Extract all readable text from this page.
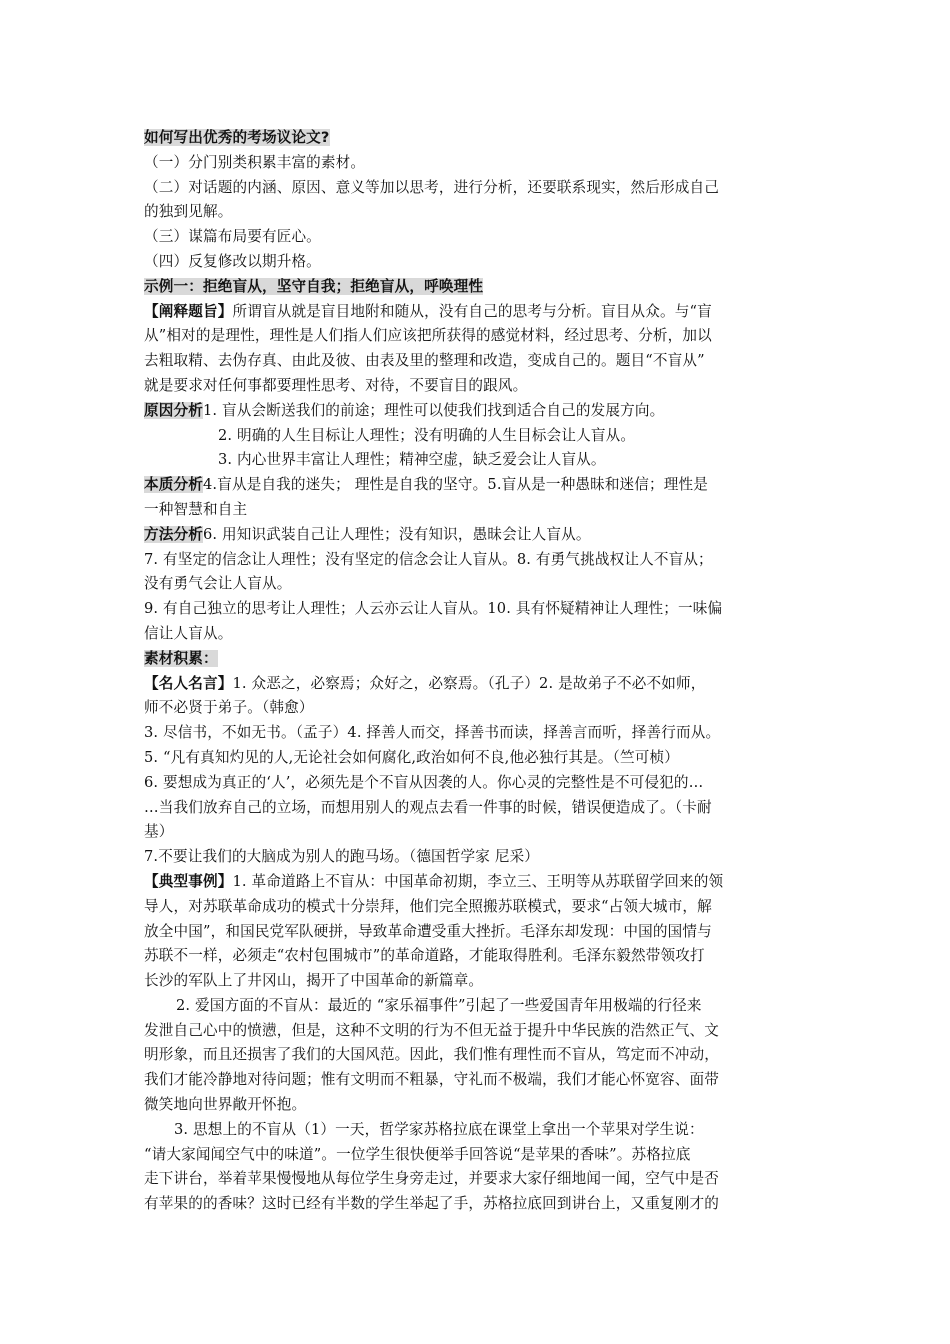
如何写出优秀的考场议论文?
（一）分门别类积累丰富的素材。
（二）对话题的内涵、原因、意义等加以思考，进行分析，还要联系现实，然后形成自己
的独到见解。
（三）谋篇布局要有匠心。
（四）反复修改以期升格。
示例一：拒绝盲从，坚守自我；拒绝盲从，呼唤理性
【阐释题旨】所谓盲从就是盲目地附和随从，没有自己的思考与分析。盲目从众。与“盲
从”相对的是理性，理性是人们指人们应该把所获得的感觉材料，经过思考、分析，加以
去粗取精、去伪存真、由此及彼、由表及里的整理和改造，变成自己的。题目“不盲从”
就是要求对任何事都要理性思考、对待，不要盲目的跟风。
原因分析1. 盲从会断送我们的前途；理性可以使我们找到适合自己的发展方向。
2. 明确的人生目标让人理性；没有明确的人生目标会让人盲从。
3. 内心世界丰富让人理性；精神空虚，缺乏爱会让人盲从。
本质分析4.盲从是自我的迷失； 理性是自我的坚守。5.盲从是一种愚昧和迷信；理性是
一种智慧和自主
方法分析6. 用知识武装自己让人理性；没有知识，愚昧会让人盲从。
7. 有坚定的信念让人理性；没有坚定的信念会让人盲从。8. 有勇气挑战权让人不盲从；
没有勇气会让人盲从。
9. 有自己独立的思考让人理性；人云亦云让人盲从。10. 具有怀疑精神让人理性；一味偏
信让人盲从。
素材积累：
【名人名言】1. 众恶之，必察焉；众好之，必察焉。（孔子）2. 是故弟子不必不如师，
师不必贤于弟子。（韩愈）
3. 尽信书，不如无书。（孟子）4. 择善人而交，择善书而读，择善言而听，择善行而从。
5. “凡有真知灼见的人,无论社会如何腐化,政治如何不良,他必独行其是。（竺可桢）
6. 要想成为真正的‘人’，必须先是个不盲从因袭的人。你心灵的完整性是不可侵犯的…
…当我们放弃自己的立场，而想用别人的观点去看一件事的时候，错误便造成了。（卡耐
基）
7.不要让我们的大脑成为别人的跑马场。（德国哲学家 尼采）
【典型事例】1. 革命道路上不盲从：中国革命初期，李立三、王明等从苏联留学回来的领
导人，对苏联革命成功的模式十分崇拜，他们完全照搬苏联模式，要求“占领大城市，解
放全中国”，和国民党军队硬拼，导致革命遭受重大挫折。毛泽东却发现：中国的国情与
苏联不一样，必须走“农村包围城市”的革命道路，才能取得胜利。毛泽东毅然带领攻打
长沙的军队上了井冈山，揭开了中国革命的新篇章。
2. 爱国方面的不盲从：最近的 “家乐福事件”引起了一些爱国青年用极端的行径来
发泄自己心中的愤懑，但是，这种不文明的行为不但无益于提升中华民族的浩然正气、文
明形象，而且还损害了我们的大国风范。因此，我们惟有理性而不盲从，笃定而不冲动，
我们才能冷静地对待问题；惟有文明而不粗暴，守礼而不极端，我们才能心怀宽容、面带
微笑地向世界敞开怀抱。
3. 思想上的不盲从（1）一天，哲学家苏格拉底在课堂上拿出一个苹果对学生说：
“请大家闻闻空气中的味道”。一位学生很快便举手回答说“是苹果的香味”。苏格拉底
走下讲台，举着苹果慢慢地从每位学生身旁走过，并要求大家仔细地闻一闻，空气中是否
有苹果的的香味？这时已经有半数的学生举起了手，苏格拉底回到讲台上，又重复刚才的
